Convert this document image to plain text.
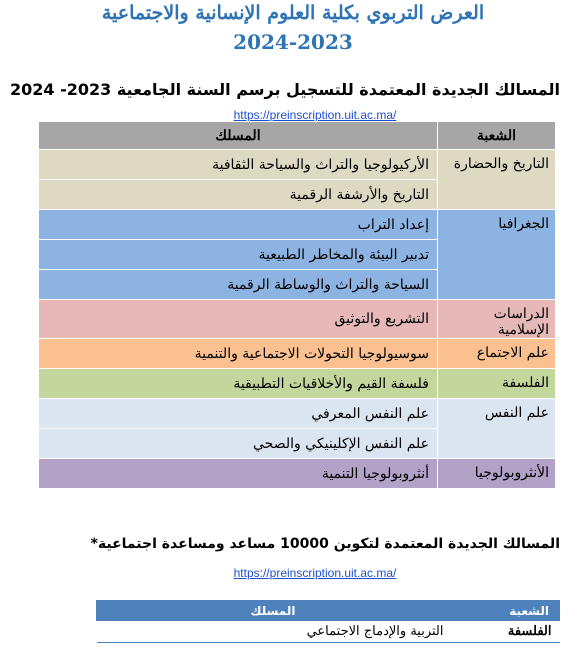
العرض التربوي بكلية العلوم الإنسانية والاجتماعية
2024-2023
المسالك الجديدة المعتمدة للتسجيل برسم السنة الجامعية 2023- 2024
https://preinscription.uit.ac.ma/
الشعبة	المسلك
التاريخ والحضارة	الأركيولوجيا والتراث والسياحة الثقافية
	التاريخ والأرشفة الرقمية
الجغرافيا	إعداد التراب
	تدبير البيئة والمخاطر الطبيعية
	السياحة والتراث والوساطة الرقمية
الدراسات الإسلامية	التشريع والتوثيق
علم الاجتماع	سوسيولوجيا التحولات الاجتماعية والتنمية
الفلسفة	فلسفة القيم والأخلاقيات التطبيقية
علم النفس	علم النفس المعرفي
	علم النفس الإكلينيكي والصحي
الأنثروبولوجيا	أنثروبولوجيا التنمية
المسالك الجديدة المعتمدة لتكوين 10000 مساعد ومساعدة اجتماعية*
https://preinscription.uit.ac.ma/
الشعبة	المسلك
الفلسفة	التربية والإدماج الاجتماعي
